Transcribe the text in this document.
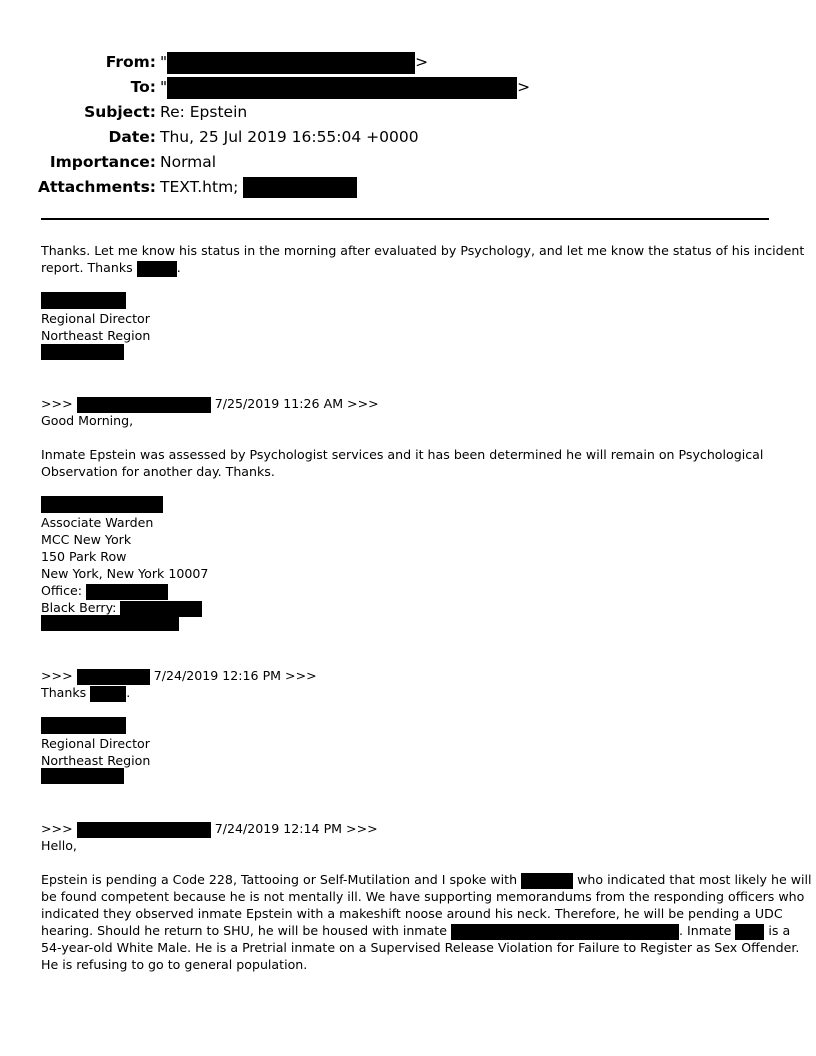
From: "	>
To: "	>
Subject: Re: Epstein
Date: Thu, 25 Jul 2019 16:55:04 +0000
Importance: Normal
Attachments: TEXT.htm;
Thanks. Let me know his status in the morning after evaluated by Psychology, and let me know the status of his incident
report. Thanks	.
Regional Director
Northeast Region
>>>	7/25/2019 11:26 AM >>>
Good Morning,
Inmate Epstein was assessed by Psychologist services and it has been determined he will remain on Psychological
Observation for another day. Thanks.
Associate Warden
MCC New York
150 Park Row
New York, New York 10007
Office:
Black Berry:
>>>	7/24/2019 12:16 PM >>>
Thanks	.
Regional Director
Northeast Region
>>>	7/24/2019 12:14 PM >>>
Hello,
Epstein is pending a Code 228, Tattooing or Self-Mutilation and I spoke with	who indicated that most likely he will
be found competent because he is not mentally ill. We have supporting memorandums from the responding officers who
indicated they observed inmate Epstein with a makeshift noose around his neck. Therefore, he will be pending a UDC
hearing. Should he return to SHU, he will be housed with inmate	. Inmate	is a
54-year-old White Male. He is a Pretrial inmate on a Supervised Release Violation for Failure to Register as Sex Offender.
He is refusing to go to general population.
